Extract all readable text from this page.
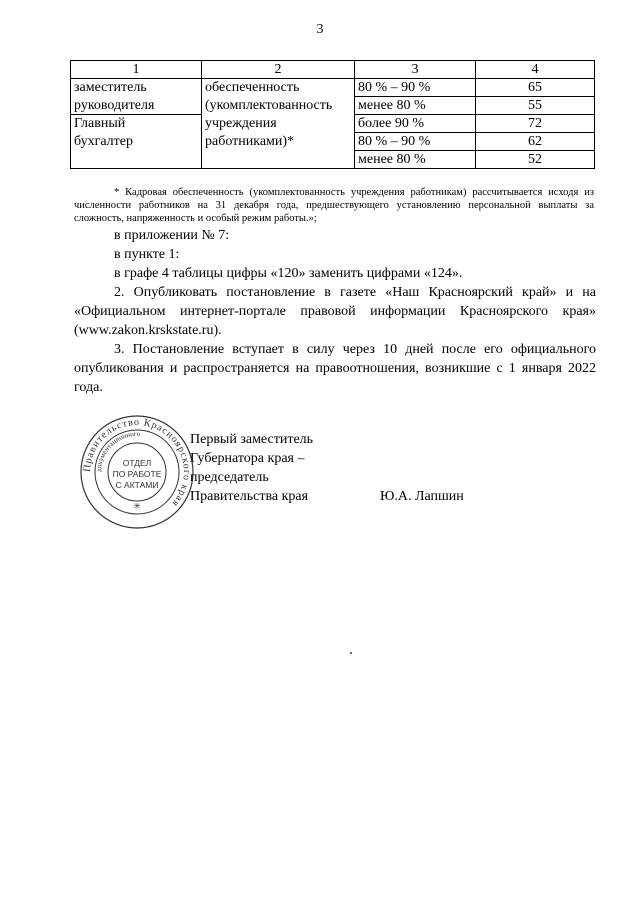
3
1	2	3	4
заместитель	обеспеченность	80 % – 90 %	65
руководителя	(укомплектованность	менее 80 %	55
Главный	учреждения	более 90 %	72
бухгалтер	работниками)*	80 % – 90 %	62
		менее 80 %	52

* Кадровая обеспеченность (укомплектованность учреждения работникам) рассчитывается исходя из численности работников на 31 декабря года, предшествующего установлению персональной выплаты за сложность, напряженность и особый режим работы.»;

в приложении № 7:

в пункте 1:

в графе 4 таблицы цифры «120» заменить цифрами «124».

2. Опубликовать постановление в газете «Наш Красноярский край» и на «Официальном интернет-портале правовой информации Красноярского края» (www.zakon.krskstate.ru).

3. Постановление вступает в силу через 10 дней после его официального опубликования и распространяется на правоотношения, возникшие с 1 января 2022 года.

Правительство Красноярского края
документационного
ОТДЕЛ
ПО РАБОТЕ
С АКТАМИ
✳

Первый заместитель

Губернатора края –

председатель

Правительства края	Ю.А. Лапшин
